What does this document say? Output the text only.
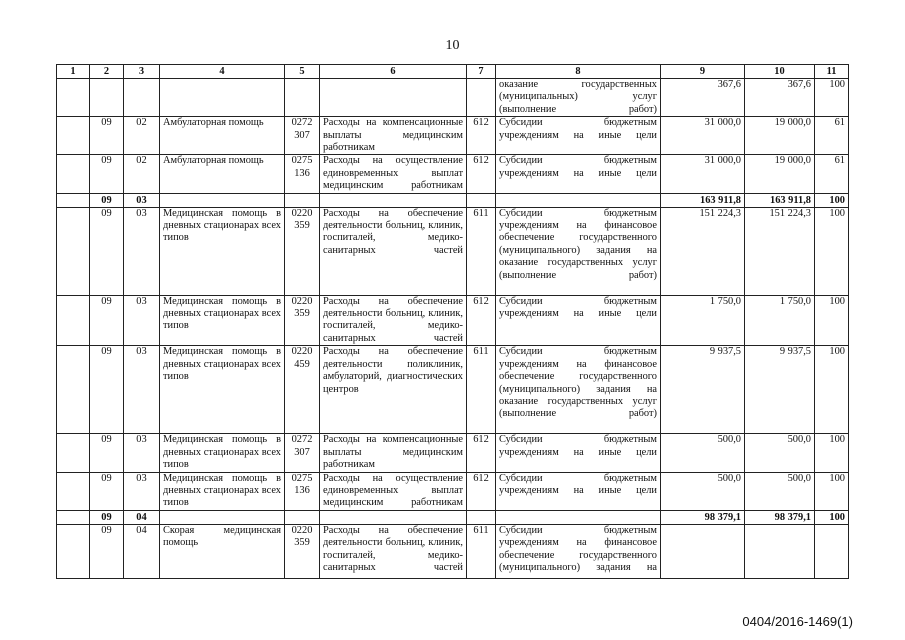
10
1	2	3	4	5	6	7	8	9	10	11
							оказание государственных (муниципальных) услуг (выполнение работ)	367,6	367,6	100
	09	02	Амбулаторная помощь	0272 307	Расходы на компенсационные выплаты медицинским работникам	612	Субсидии бюджетным учреждениям на иные цели	31 000,0	19 000,0	61
	09	02	Амбулаторная помощь	0275 136	Расходы на осуществление единовременных выплат медицинским работникам	612	Субсидии бюджетным учреждениям на иные цели	31 000,0	19 000,0	61
	09	03						163 911,8	163 911,8	100
	09	03	Медицинская помощь в дневных стационарах всех типов	0220 359	Расходы на обеспечение деятельности больниц, клиник, госпиталей, медико-санитарных частей	611	Субсидии бюджетным учреждениям на финансовое обеспечение государственного (муниципального) задания на оказание государственных услуг (выполнение работ)	151 224,3	151 224,3	100
	09	03	Медицинская помощь в дневных стационарах всех типов	0220 359	Расходы на обеспечение деятельности больниц, клиник, госпиталей, медико-санитарных частей	612	Субсидии бюджетным учреждениям на иные цели	1 750,0	1 750,0	100
	09	03	Медицинская помощь в дневных стационарах всех типов	0220 459	Расходы на обеспечение деятельности поликлиник, амбулаторий, диагностических центров	611	Субсидии бюджетным учреждениям на финансовое обеспечение государственного (муниципального) задания на оказание государственных услуг (выполнение работ)	9 937,5	9 937,5	100
	09	03	Медицинская помощь в дневных стационарах всех типов	0272 307	Расходы на компенсационные выплаты медицинским работникам	612	Субсидии бюджетным учреждениям на иные цели	500,0	500,0	100
	09	03	Медицинская помощь в дневных стационарах всех типов	0275 136	Расходы на осуществление единовременных выплат медицинским работникам	612	Субсидии бюджетным учреждениям на иные цели	500,0	500,0	100
	09	04						98 379,1	98 379,1	100
	09	04	Скорая медицинская помощь	0220 359	Расходы на обеспечение деятельности больниц, клиник, госпиталей, медико-санитарных частей	611	Субсидии бюджетным учреждениям на финансовое обеспечение государственного (муниципального) задания на			
0404/2016-1469(1)
